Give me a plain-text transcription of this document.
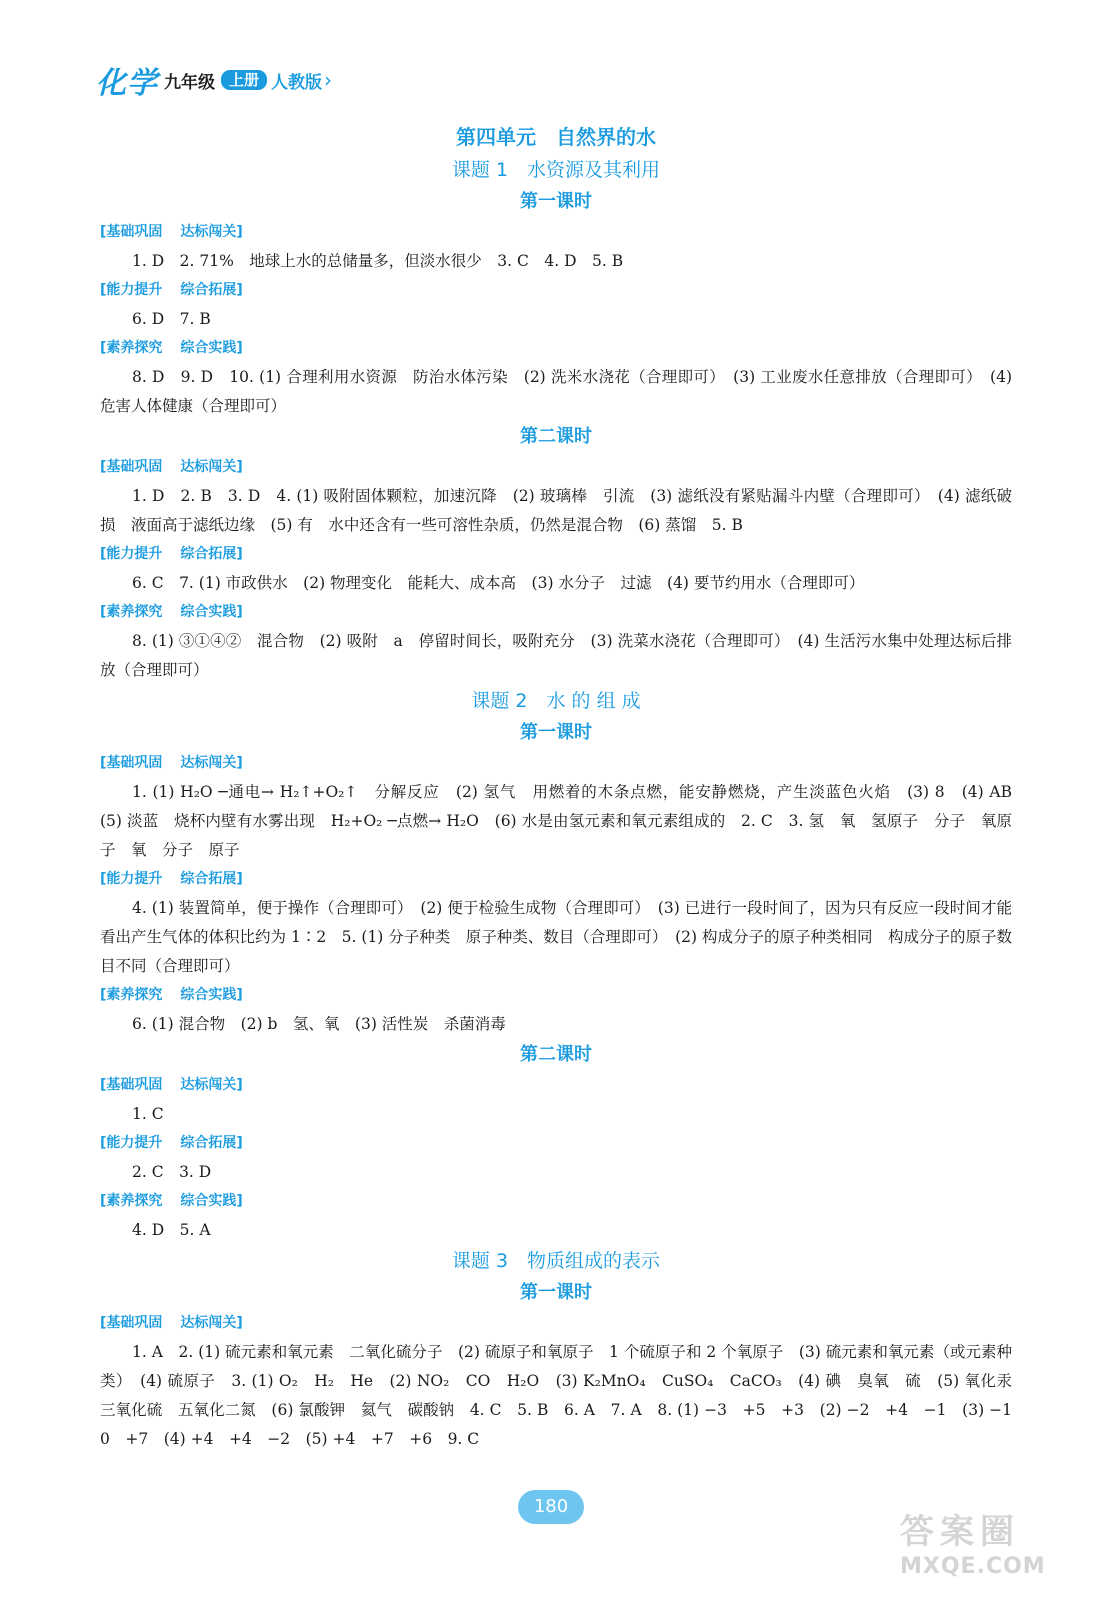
化学 九年级 上册 人教版 ›
第四单元　自然界的水
课题 1　水资源及其利用
第一课时
[基础巩固 达标闯关]

1. D　2. 71%　地球上水的总储量多，但淡水很少　3. C　4. D　5. B

[能力提升 综合拓展]

6. D　7. B

[素养探究 综合实践]

8. D　9. D　10. (1) 合理利用水资源　防治水体污染　(2) 洗米水浇花（合理即可）　(3) 工业废水任意排放（合理即可）　(4) 危害人体健康（合理即可）

第二课时
[基础巩固 达标闯关]

1. D　2. B　3. D　4. (1) 吸附固体颗粒，加速沉降　(2) 玻璃棒　引流　(3) 滤纸没有紧贴漏斗内壁（合理即可）　(4) 滤纸破损　液面高于滤纸边缘　(5) 有　水中还含有一些可溶性杂质，仍然是混合物　(6) 蒸馏　5. B

[能力提升 综合拓展]

6. C　7. (1) 市政供水　(2) 物理变化　能耗大、成本高　(3) 水分子　过滤　(4) 要节约用水（合理即可）

[素养探究 综合实践]

8. (1) ③①④②　混合物　(2) 吸附　a　停留时间长，吸附充分　(3) 洗菜水浇花（合理即可）　(4) 生活污水集中处理达标后排放（合理即可）

课题 2　水 的 组 成
第一课时
[基础巩固 达标闯关]

1. (1) H₂O ─通电→ H₂↑+O₂↑　分解反应　(2) 氢气　用燃着的木条点燃，能安静燃烧，产生淡蓝色火焰　(3) 8　(4) AB　(5) 淡蓝　烧杯内壁有水雾出现　H₂+O₂ ─点燃→ H₂O　(6) 水是由氢元素和氧元素组成的　2. C　3. 氢　氧　氢原子　分子　氧原子　氧　分子　原子

[能力提升 综合拓展]

4. (1) 装置简单，便于操作（合理即可）　(2) 便于检验生成物（合理即可）　(3) 已进行一段时间了，因为只有反应一段时间才能看出产生气体的体积比约为 1∶2　5. (1) 分子种类　原子种类、数目（合理即可）　(2) 构成分子的原子种类相同　构成分子的原子数目不同（合理即可）

[素养探究 综合实践]

6. (1) 混合物　(2) b　氢、氧　(3) 活性炭　杀菌消毒

第二课时
[基础巩固 达标闯关]

1. C

[能力提升 综合拓展]

2. C　3. D

[素养探究 综合实践]

4. D　5. A

课题 3　物质组成的表示
第一课时
[基础巩固 达标闯关]

1. A　2. (1) 硫元素和氧元素　二氧化硫分子　(2) 硫原子和氧原子　1 个硫原子和 2 个氧原子　(3) 硫元素和氧元素（或元素种类）　(4) 硫原子　3. (1) O₂　H₂　He　(2) NO₂　CO　H₂O　(3) K₂MnO₄　CuSO₄　CaCO₃　(4) 碘　臭氧　硫　(5) 氧化汞　三氧化硫　五氧化二氮　(6) 氯酸钾　氦气　碳酸钠　4. C　5. B　6. A　7. A　8. (1) −3　+5　+3　(2) −2　+4　−1　(3) −1　0　+7　(4) +4　+4　−2　(5) +4　+7　+6　9. C

180
答案圈
MXQE.COM
